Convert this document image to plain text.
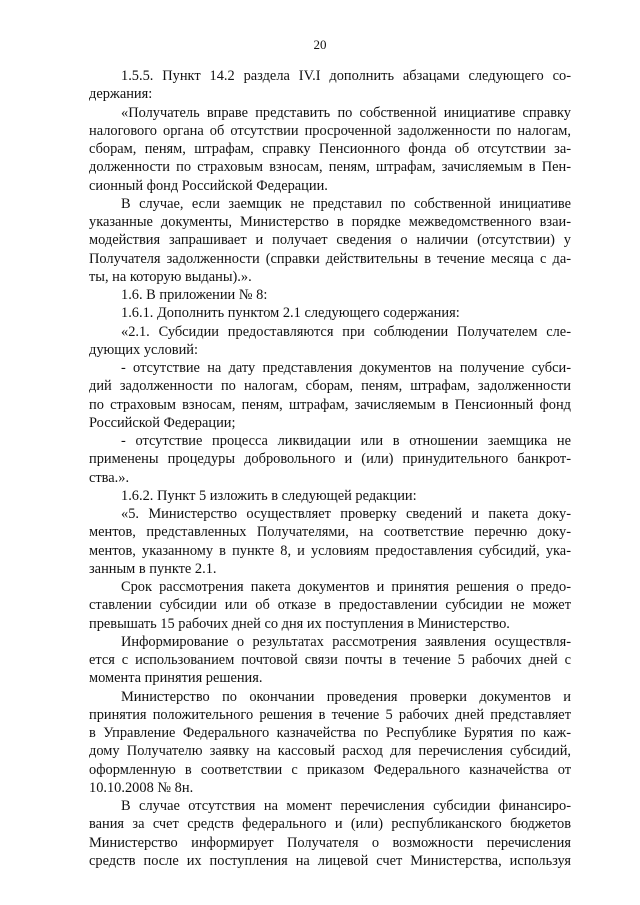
20
1.5.5. Пункт 14.2 раздела IV.I дополнить абзацами следующего со-
держания:
«Получатель вправе представить по собственной инициативе справку
налогового органа об отсутствии просроченной задолженности по налогам,
сборам, пеням, штрафам, справку Пенсионного фонда об отсутствии за-
долженности по страховым взносам, пеням, штрафам, зачисляемым в Пен-
сионный фонд Российской Федерации.
В случае, если заемщик не представил по собственной инициативе
указанные документы, Министерство в порядке межведомственного взаи-
модействия запрашивает и получает сведения о наличии (отсутствии) у
Получателя задолженности (справки действительны в течение месяца с да-
ты, на которую выданы).».
1.6. В приложении № 8:
1.6.1. Дополнить пунктом 2.1 следующего содержания:
«2.1. Субсидии предоставляются при соблюдении Получателем сле-
дующих условий:
- отсутствие на дату представления документов на получение субси-
дий задолженности по налогам, сборам, пеням, штрафам, задолженности
по страховым взносам, пеням, штрафам, зачисляемым в Пенсионный фонд
Российской Федерации;
- отсутствие процесса ликвидации или в отношении заемщика не
применены процедуры добровольного и (или) принудительного банкрот-
ства.».
1.6.2. Пункт 5 изложить в следующей редакции:
«5. Министерство осуществляет проверку сведений и пакета доку-
ментов, представленных Получателями, на соответствие перечню доку-
ментов, указанному в пункте 8, и условиям предоставления субсидий, ука-
занным в пункте 2.1.
Срок рассмотрения пакета документов и принятия решения о предо-
ставлении субсидии или об отказе в предоставлении субсидии не может
превышать 15 рабочих дней со дня их поступления в Министерство.
Информирование о результатах рассмотрения заявления осуществля-
ется с использованием почтовой связи почты в течение 5 рабочих дней с
момента принятия решения.
Министерство по окончании проведения проверки документов и
принятия положительного решения в течение 5 рабочих дней представляет
в Управление Федерального казначейства по Республике Бурятия по каж-
дому Получателю заявку на кассовый расход для перечисления субсидий,
оформленную в соответствии с приказом Федерального казначейства от
10.10.2008 № 8н.
В случае отсутствия на момент перечисления субсидии финансиро-
вания за счет средств федерального и (или) республиканского бюджетов
Министерство информирует Получателя о возможности перечисления
средств после их поступления на лицевой счет Министерства, используя
